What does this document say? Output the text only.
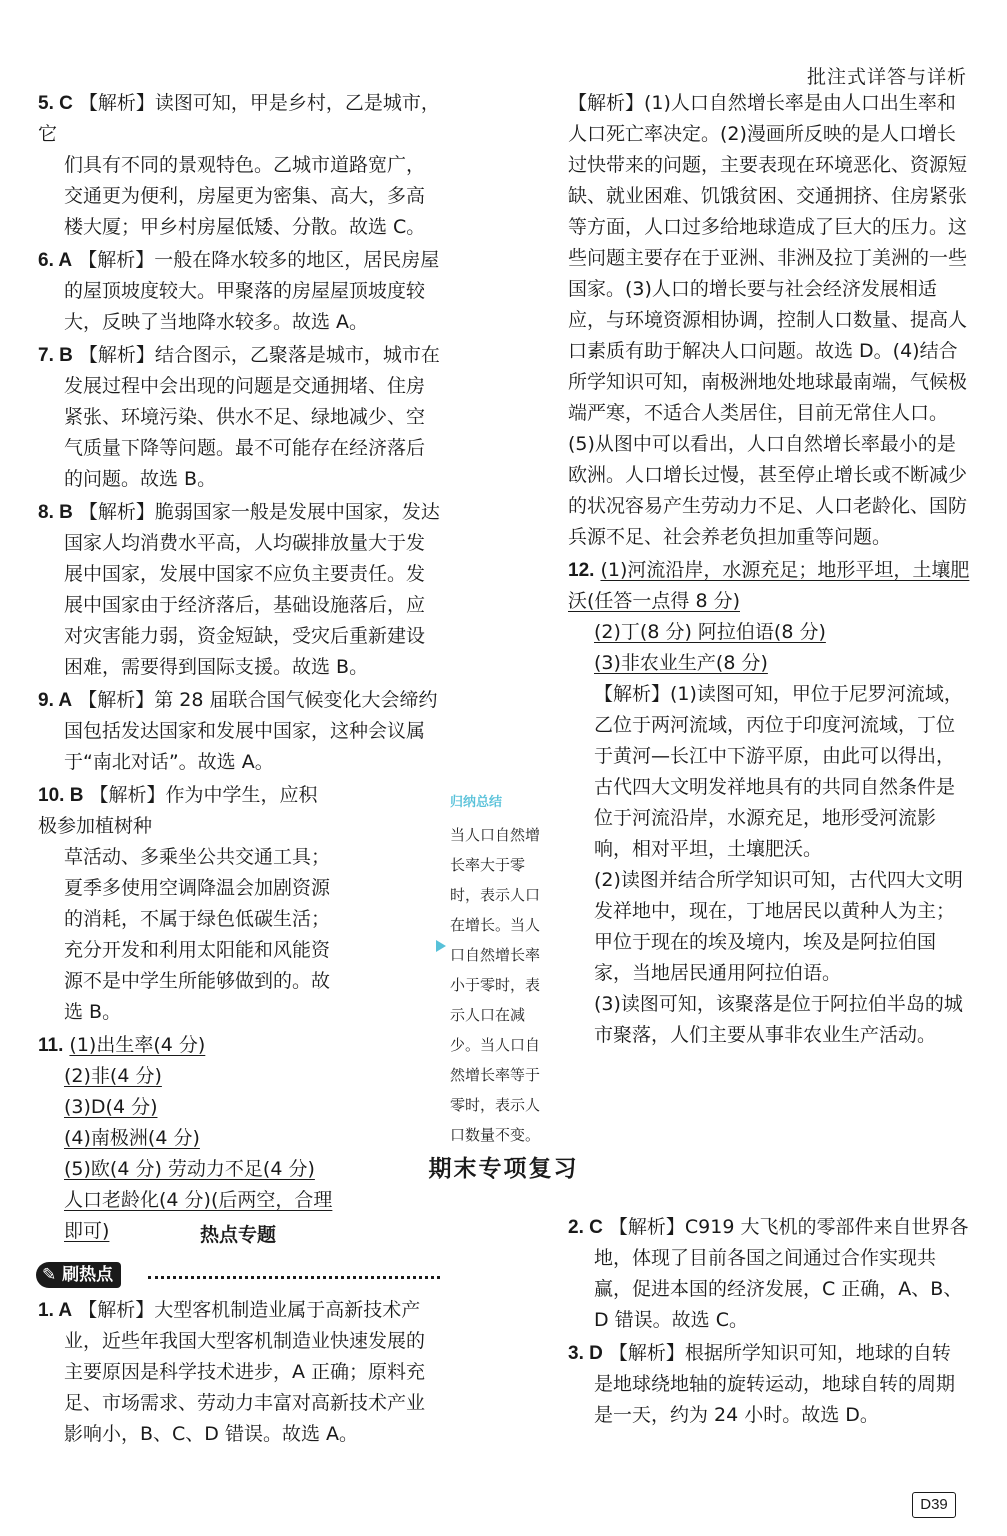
批注式详答与详析
5. C 【解析】读图可知，甲是乡村，乙是城市，它
们具有不同的景观特色。乙城市道路宽广，交通更为便利，房屋更为密集、高大，多高楼大厦；甲乡村房屋低矮、分散。故选 C。
6. A 【解析】一般在降水较多的地区，居民房屋
的屋顶坡度较大。甲聚落的房屋屋顶坡度较大，反映了当地降水较多。故选 A。
7. B 【解析】结合图示，乙聚落是城市，城市在
发展过程中会出现的问题是交通拥堵、住房紧张、环境污染、供水不足、绿地减少、空气质量下降等问题。最不可能存在经济落后的问题。故选 B。
8. B 【解析】脆弱国家一般是发展中国家，发达
国家人均消费水平高，人均碳排放量大于发展中国家，发展中国家不应负主要责任。发展中国家由于经济落后，基础设施落后，应对灾害能力弱，资金短缺，受灾后重新建设困难，需要得到国际支援。故选 B。
9. A 【解析】第 28 届联合国气候变化大会缔约
国包括发达国家和发展中国家，这种会议属于“南北对话”。故选 A。
10. B 【解析】作为中学生，应积极参加植树种
草活动、多乘坐公共交通工具；夏季多使用空调降温会加剧资源的消耗，不属于绿色低碳生活；充分开发和利用太阳能和风能资源不是中学生所能够做到的。故选 B。
11. (1)出生率(4 分)
(2)非(4 分)
(3)D(4 分)
(4)南极洲(4 分)
(5)欧(4 分) 劳动力不足(4 分) 人口老龄化(4 分)(后两空，合理即可)
归纳总结
当人口自然增长率大于零时，表示人口在增长。当人口自然增长率小于零时，表示人口在减少。当人口自然增长率等于零时，表示人口数量不变。
【解析】(1)人口自然增长率是由人口出生率和人口死亡率决定。(2)漫画所反映的是人口增长过快带来的问题，主要表现在环境恶化、资源短缺、就业困难、饥饿贫困、交通拥挤、住房紧张等方面，人口过多给地球造成了巨大的压力。这些问题主要存在于亚洲、非洲及拉丁美洲的一些国家。(3)人口的增长要与社会经济发展相适应，与环境资源相协调，控制人口数量、提高人口素质有助于解决人口问题。故选 D。(4)结合所学知识可知，南极洲地处地球最南端，气候极端严寒，不适合人类居住，目前无常住人口。(5)从图中可以看出，人口自然增长率最小的是欧洲。人口增长过慢，甚至停止增长或不断减少的状况容易产生劳动力不足、人口老龄化、国防兵源不足、社会养老负担加重等问题。
12. (1)河流沿岸，水源充足；地形平坦，土壤肥沃(任答一点得 8 分)
(2)丁(8 分) 阿拉伯语(8 分)
(3)非农业生产(8 分)
【解析】(1)读图可知，甲位于尼罗河流域，乙位于两河流域，丙位于印度河流域，丁位于黄河—长江中下游平原，由此可以得出，古代四大文明发祥地具有的共同自然条件是位于河流沿岸，水源充足，地形受河流影响，相对平坦，土壤肥沃。
(2)读图并结合所学知识可知，古代四大文明发祥地中，现在，丁地居民以黄种人为主；甲位于现在的埃及境内，埃及是阿拉伯国家，当地居民通用阿拉伯语。
(3)读图可知，该聚落是位于阿拉伯半岛的城市聚落，人们主要从事非农业生产活动。
期末专项复习
热点专题
✎ 刷热点
1. A 【解析】大型客机制造业属于高新技术产
业，近些年我国大型客机制造业快速发展的主要原因是科学技术进步，A 正确；原料充足、市场需求、劳动力丰富对高新技术产业影响小，B、C、D 错误。故选 A。
2. C 【解析】C919 大飞机的零部件来自世界各
地，体现了目前各国之间通过合作实现共赢，促进本国的经济发展，C 正确，A、B、D 错误。故选 C。
3. D 【解析】根据所学知识可知，地球的自转
是地球绕地轴的旋转运动，地球自转的周期是一天，约为 24 小时。故选 D。
D39
